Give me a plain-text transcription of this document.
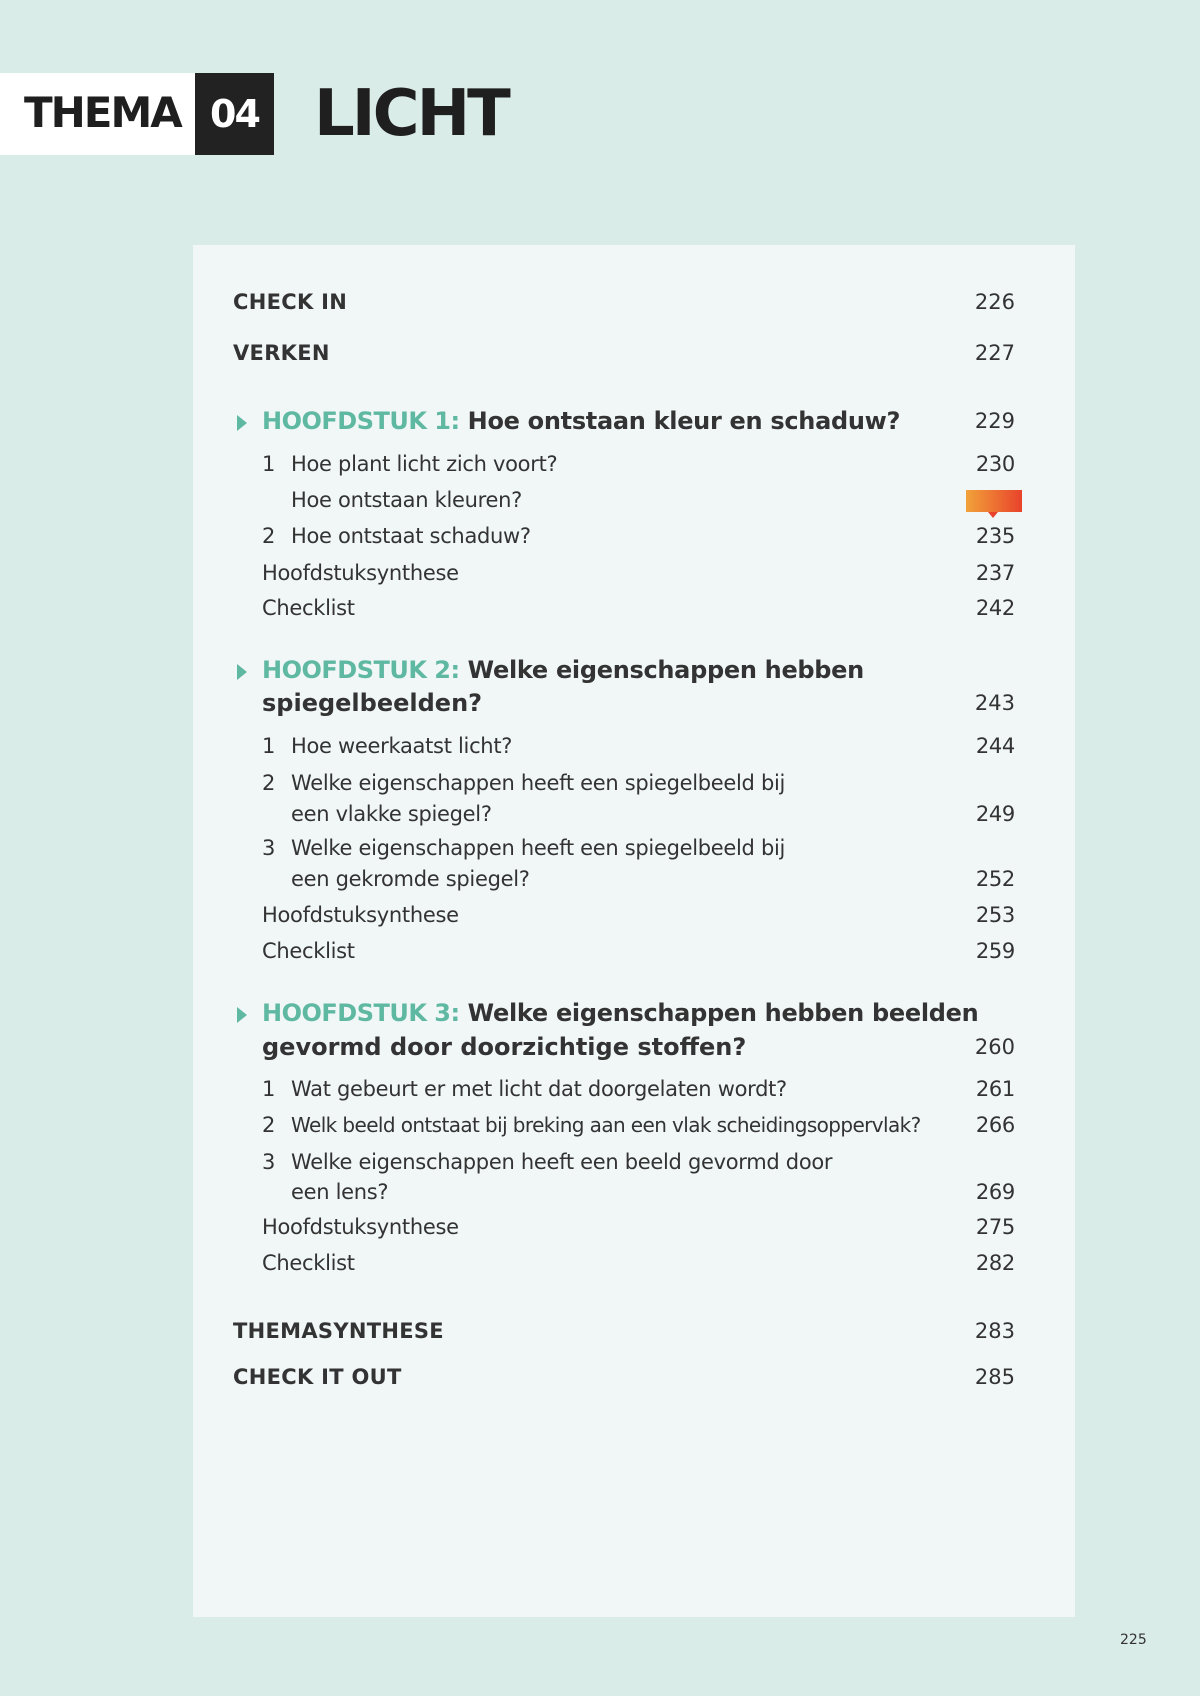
THEMA 04 LICHT
CHECK IN	226
VERKEN	227
HOOFDSTUK 1: Hoe ontstaan kleur en schaduw?	229
1 Hoe plant licht zich voort?	230
Hoe ontstaan kleuren?
2 Hoe ontstaat schaduw?	235
Hoofdstuksynthese	237
Checklist	242
HOOFDSTUK 2: Welke eigenschappen hebben
spiegelbeelden?	243
1 Hoe weerkaatst licht?	244
2 Welke eigenschappen heeft een spiegelbeeld bij
een vlakke spiegel?	249
3 Welke eigenschappen heeft een spiegelbeeld bij
een gekromde spiegel?	252
Hoofdstuksynthese	253
Checklist	259
HOOFDSTUK 3: Welke eigenschappen hebben beelden
gevormd door doorzichtige stoffen?	260
1 Wat gebeurt er met licht dat doorgelaten wordt?	261
2 Welk beeld ontstaat bij breking aan een vlak scheidingsoppervlak?	266
3 Welke eigenschappen heeft een beeld gevormd door
een lens?	269
Hoofdstuksynthese	275
Checklist	282
THEMASYNTHESE	283
CHECK IT OUT	285
225
